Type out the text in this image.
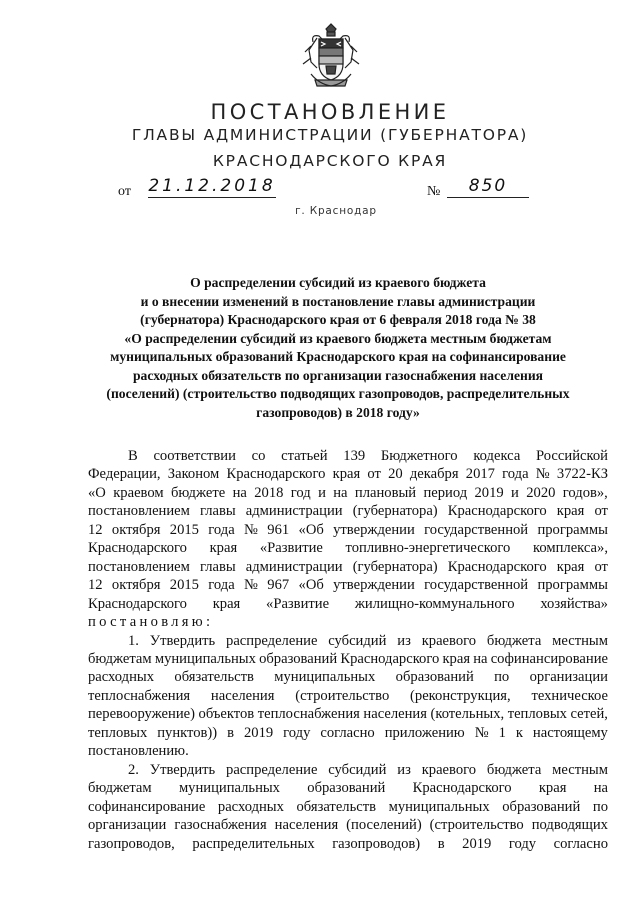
ПОСТАНОВЛЕНИЕ
ГЛАВЫ АДМИНИСТРАЦИИ (ГУБЕРНАТОРА)
КРАСНОДАРСКОГО КРАЯ
от 21.12.2018	№	850
г. Краснодар
О распределении субсидий из краевого бюджета
и о внесении изменений в постановление главы администрации
(губернатора) Краснодарского края от 6 февраля 2018 года № 38
«О распределении субсидий из краевого бюджета местным бюджетам
муниципальных образований Краснодарского края на софинансирование
расходных обязательств по организации газоснабжения населения
(поселений) (строительство подводящих газопроводов, распределительных
газопроводов) в 2018 году»
В соответствии со статьей 139 Бюджетного кодекса Российской
Федерации, Законом Краснодарского края от 20 декабря 2017 года № 3722-КЗ
«О краевом бюджете на 2018 год и на плановый период 2019 и 2020 годов»,
постановлением главы администрации (губернатора) Краснодарского края от
12 октября 2015 года № 961 «Об утверждении государственной программы
Краснодарского края «Развитие топливно-энергетического комплекса»,
постановлением главы администрации (губернатора) Краснодарского края от
12 октября 2015 года № 967 «Об утверждении государственной программы
Краснодарского края «Развитие жилищно-коммунального хозяйства»
постановляю:
1. Утвердить распределение субсидий из краевого бюджета местным
бюджетам муниципальных образований Краснодарского края на софинансирование
расходных обязательств муниципальных образований по организации
теплоснабжения населения (строительство (реконструкция, техническое
перевооружение) объектов теплоснабжения населения (котельных, тепловых сетей,
тепловых пунктов)) в 2019 году согласно приложению № 1 к настоящему
постановлению.
2. Утвердить распределение субсидий из краевого бюджета местным
бюджетам муниципальных образований Краснодарского края на
софинансирование расходных обязательств муниципальных образований по
организации газоснабжения населения (поселений) (строительство подводящих
газопроводов, распределительных газопроводов) в 2019 году согласно
